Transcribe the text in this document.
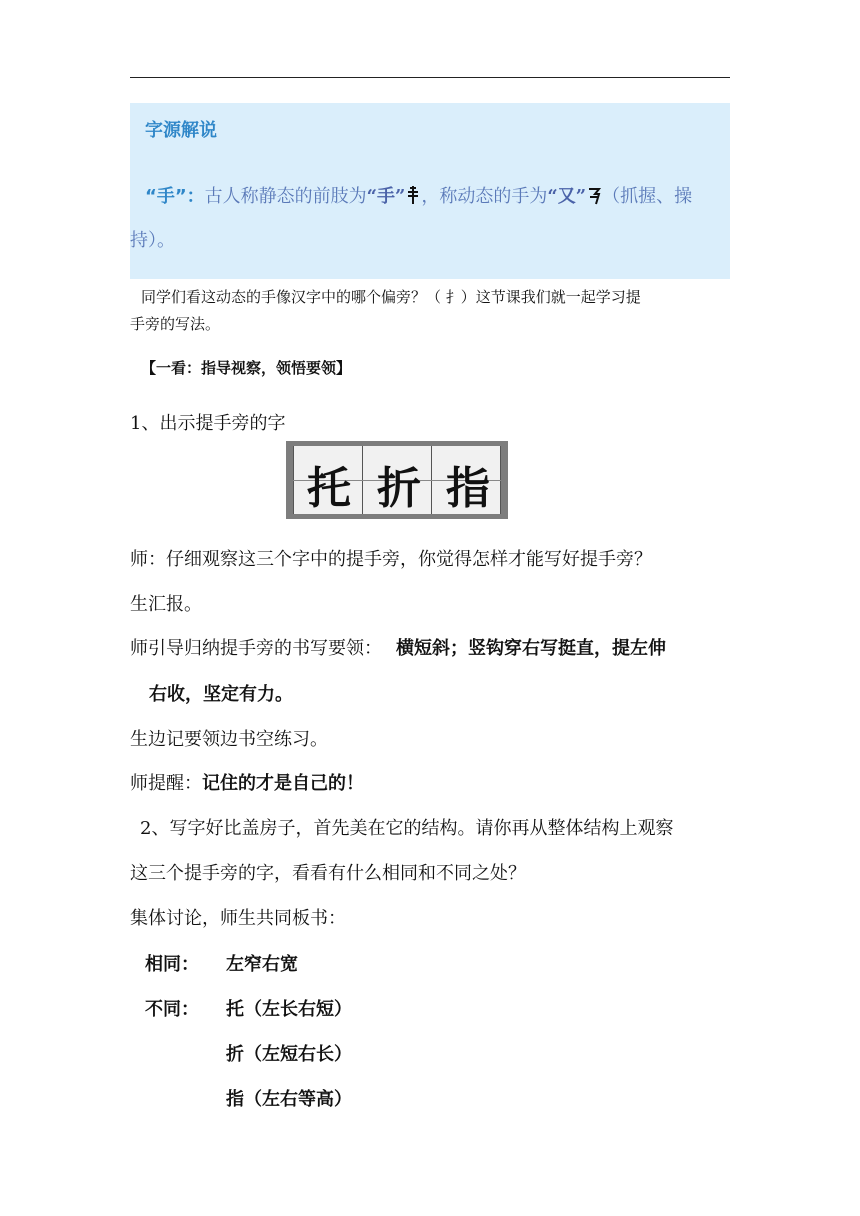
字源解说
“手”：古人称静态的前肢为“手” ，称动态的手为“又” （抓握、操
持）。
同学们看这动态的手像汉字中的哪个偏旁？（ 扌）这节课我们就一起学习提
手旁的写法。
【一看：指导视察，领悟要领】
1、出示提手旁的字
托 折 指
师：仔细观察这三个字中的提手旁，你觉得怎样才能写好提手旁？
生汇报。
师引导归纳提手旁的书写要领： 横短斜；竖钩穿右写挺直，提左伸
右收，坚定有力。
生边记要领边书空练习。
师提醒：记住的才是自己的！
2、写字好比盖房子，首先美在它的结构。请你再从整体结构上观察
这三个提手旁的字，看看有什么相同和不同之处？
集体讨论，师生共同板书：
相同： 左窄右宽
不同： 托（左长右短）
折（左短右长）
指（左右等高）
